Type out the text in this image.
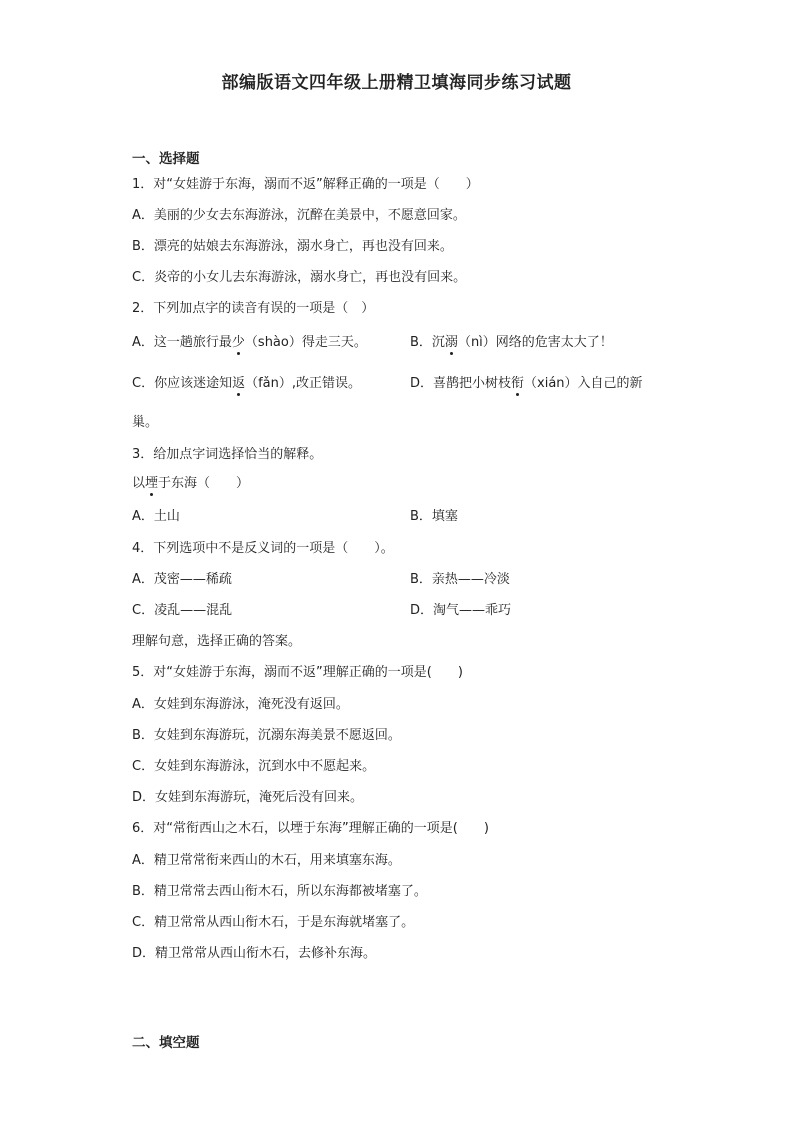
部编版语文四年级上册精卫填海同步练习试题
一、选择题
1．对“女娃游于东海，溺而不返”解释正确的一项是（　　）
A．美丽的少女去东海游泳，沉醉在美景中，不愿意回家。
B．漂亮的姑娘去东海游泳，溺水身亡，再也没有回来。
C．炎帝的小女儿去东海游泳，溺水身亡，再也没有回来。
2．下列加点字的读音有误的一项是（　）
A．这一趟旅行最少（shào）得走三天。	B．沉溺（nì）网络的危害太大了！
C．你应该迷途知返（fǎn）,改正错误。	D．喜鹊把小树枝衔（xián）入自己的新
巢。
3．给加点字词选择恰当的解释。
以堙于东海（　　）
A．土山	B．填塞
4．下列选项中不是反义词的一项是（　　）。
A．茂密——稀疏	B．亲热——冷淡
C．凌乱——混乱	D．淘气——乖巧
理解句意，选择正确的答案。
5．对“女娃游于东海，溺而不返”理解正确的一项是(　　)
A．女娃到东海游泳，淹死没有返回。
B．女娃到东海游玩，沉溺东海美景不愿返回。
C．女娃到东海游泳，沉到水中不愿起来。
D．女娃到东海游玩，淹死后没有回来。
6．对“常衔西山之木石，以堙于东海”理解正确的一项是(　　)
A．精卫常常衔来西山的木石，用来填塞东海。
B．精卫常常去西山衔木石，所以东海都被堵塞了。
C．精卫常常从西山衔木石，于是东海就堵塞了。
D．精卫常常从西山衔木石，去修补东海。
二、填空题
